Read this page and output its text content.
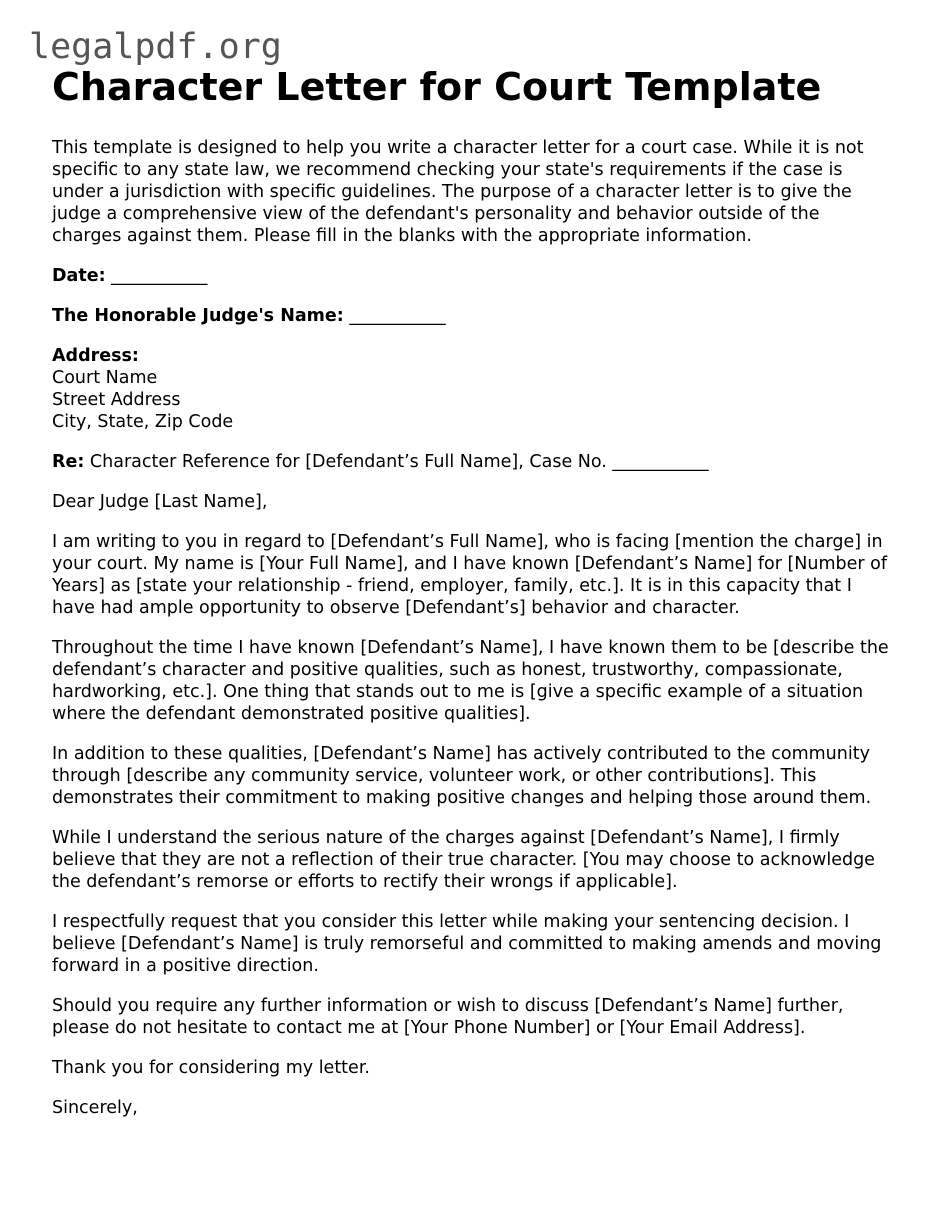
legalpdf.org
Character Letter for Court Template

This template is designed to help you write a character letter for a court case. While it is not specific to any state law, we recommend checking your state's requirements if the case is under a jurisdiction with specific guidelines. The purpose of a character letter is to give the judge a comprehensive view of the defendant's personality and behavior outside of the charges against them. Please fill in the blanks with the appropriate information.

Date: ___________

The Honorable Judge's Name: ___________

Address:
Court Name
Street Address
City, State, Zip Code

Re: Character Reference for [Defendant’s Full Name], Case No. ___________

Dear Judge [Last Name],

I am writing to you in regard to [Defendant’s Full Name], who is facing [mention the charge] in your court. My name is [Your Full Name], and I have known [Defendant’s Name] for [Number of Years] as [state your relationship - friend, employer, family, etc.]. It is in this capacity that I have had ample opportunity to observe [Defendant’s] behavior and character.

Throughout the time I have known [Defendant’s Name], I have known them to be [describe the defendant’s character and positive qualities, such as honest, trustworthy, compassionate, hardworking, etc.]. One thing that stands out to me is [give a specific example of a situation where the defendant demonstrated positive qualities].

In addition to these qualities, [Defendant’s Name] has actively contributed to the community through [describe any community service, volunteer work, or other contributions]. This demonstrates their commitment to making positive changes and helping those around them.

While I understand the serious nature of the charges against [Defendant’s Name], I firmly believe that they are not a reflection of their true character. [You may choose to acknowledge the defendant’s remorse or efforts to rectify their wrongs if applicable].

I respectfully request that you consider this letter while making your sentencing decision. I believe [Defendant’s Name] is truly remorseful and committed to making amends and moving forward in a positive direction.

Should you require any further information or wish to discuss [Defendant’s Name] further, please do not hesitate to contact me at [Your Phone Number] or [Your Email Address].

Thank you for considering my letter.

Sincerely,
